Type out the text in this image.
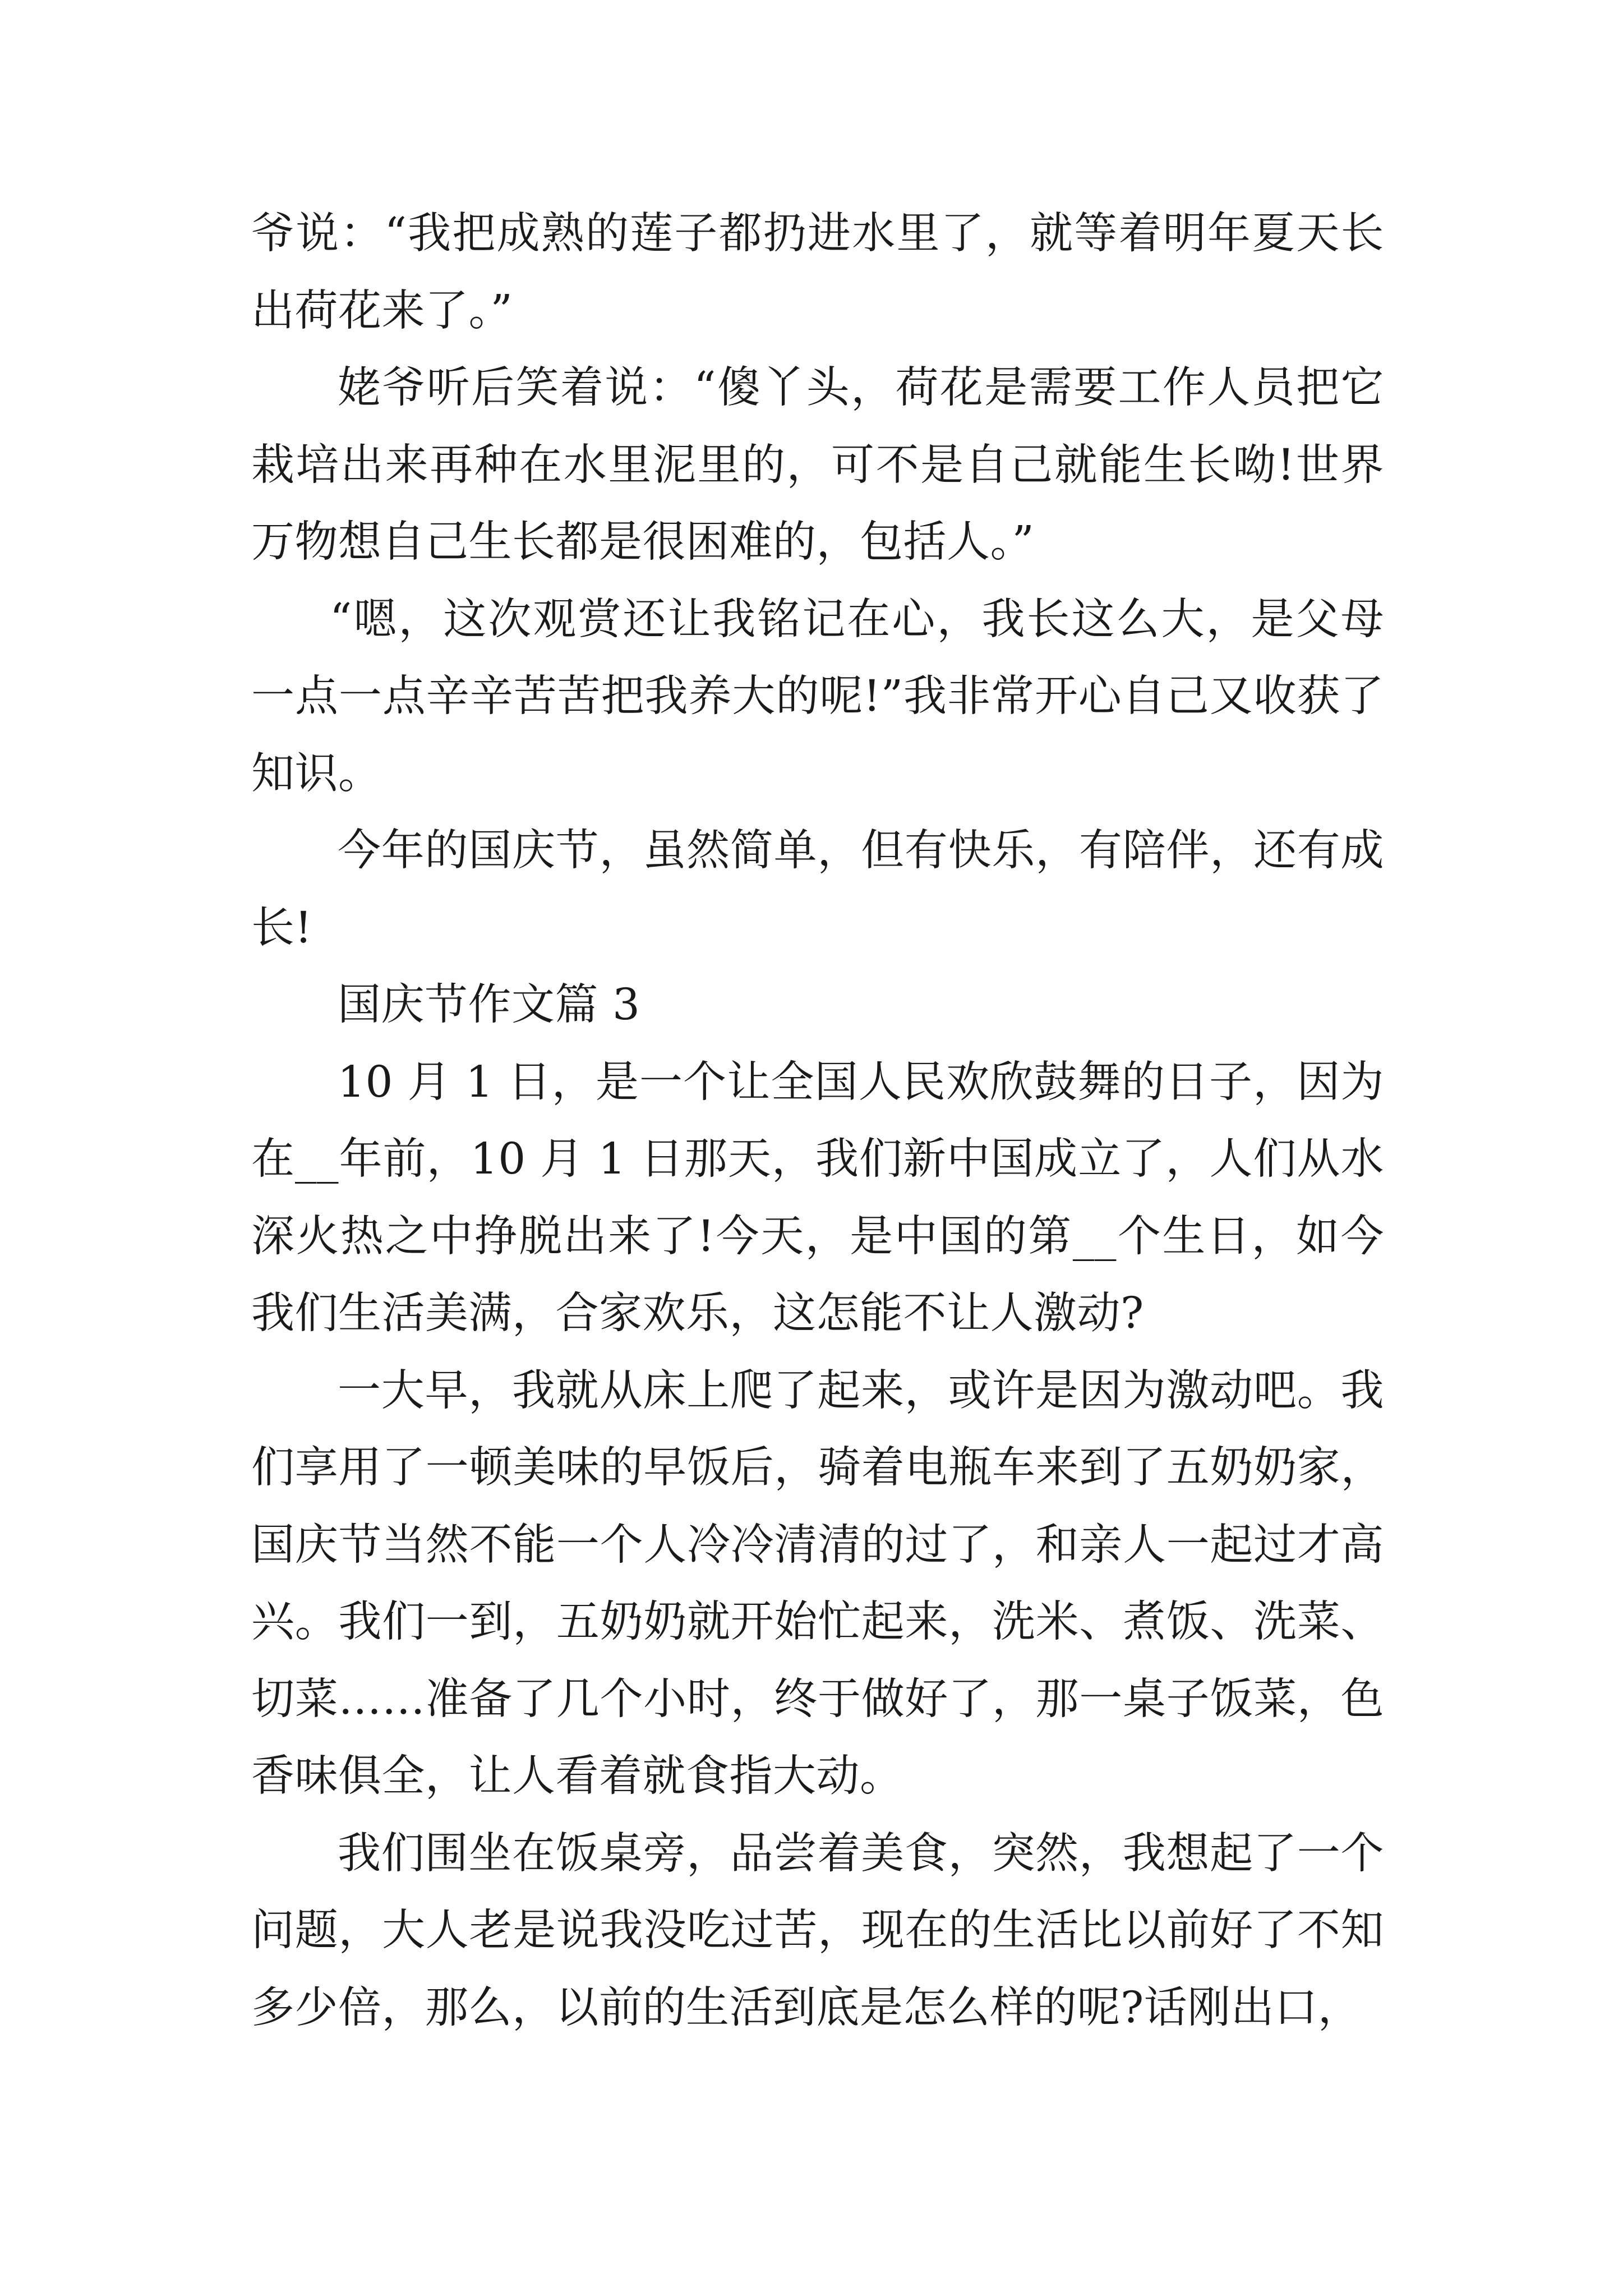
爷说：“我把成熟的莲子都扔进水里了，就等着明年夏天长出荷花来了。”

姥爷听后笑着说：“傻丫头，荷花是需要工作人员把它栽培出来再种在水里泥里的，可不是自己就能生长呦!世界万物想自己生长都是很困难的，包括人。”

“嗯，这次观赏还让我铭记在心，我长这么大，是父母一点一点辛辛苦苦把我养大的呢!”我非常开心自己又收获了知识。

今年的国庆节，虽然简单，但有快乐，有陪伴，还有成长!

国庆节作文篇 3

10 月 1 日，是一个让全国人民欢欣鼓舞的日子，因为在__年前，10 月 1 日那天，我们新中国成立了，人们从水深火热之中挣脱出来了!今天，是中国的第__个生日，如今我们生活美满，合家欢乐，这怎能不让人激动?

一大早，我就从床上爬了起来，或许是因为激动吧。我们享用了一顿美味的早饭后，骑着电瓶车来到了五奶奶家，国庆节当然不能一个人冷冷清清的过了，和亲人一起过才高兴。我们一到，五奶奶就开始忙起来，洗米、煮饭、洗菜、切菜……准备了几个小时，终于做好了，那一桌子饭菜，色香味俱全，让人看着就食指大动。

我们围坐在饭桌旁，品尝着美食，突然，我想起了一个问题，大人老是说我没吃过苦，现在的生活比以前好了不知多少倍，那么，以前的生活到底是怎么样的呢?话刚出口，
